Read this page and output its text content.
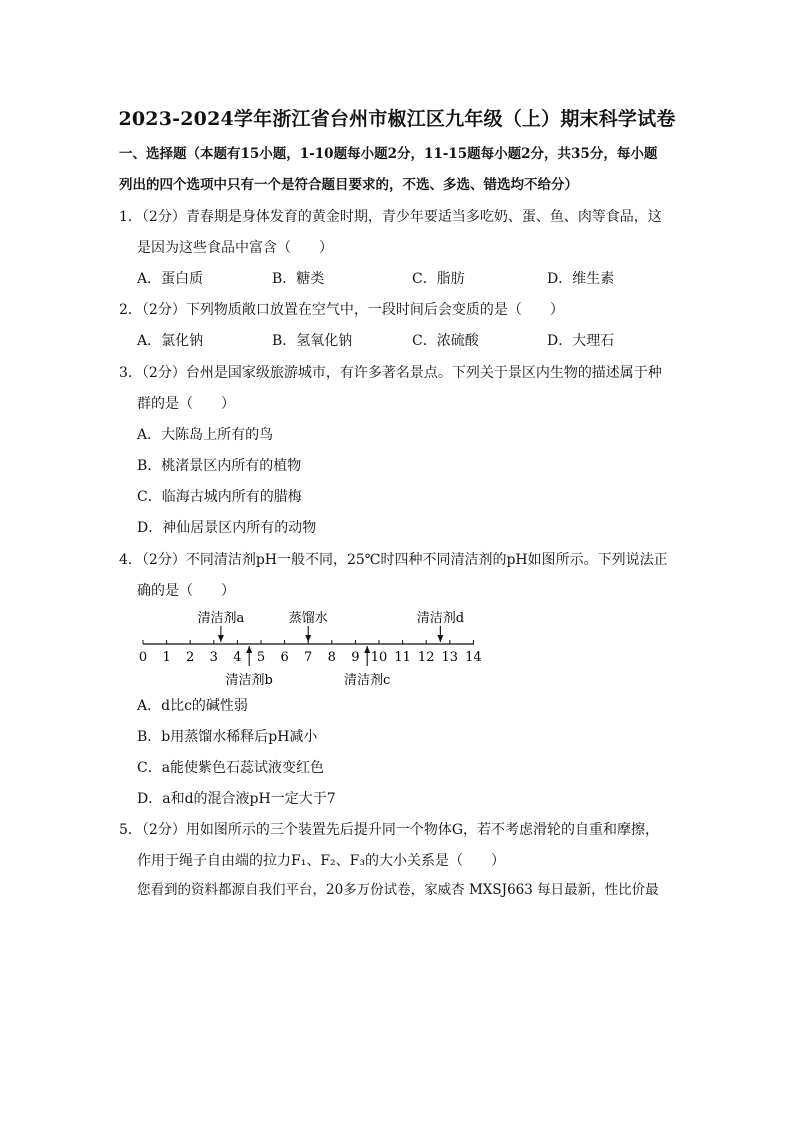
2023-2024学年浙江省台州市椒江区九年级（上）期末科学试卷
一、选择题（本题有15小题，1-10题每小题2分，11-15题每小题2分，共35分，每小题
列出的四个选项中只有一个是符合题目要求的，不选、多选、错选均不给分）
1．（2分）青春期是身体发育的黄金时期，青少年要适当多吃奶、蛋、鱼、肉等食品，这
是因为这些食品中富含（　　）
A．蛋白质	B．糖类	C．脂肪	D．维生素
2．（2分）下列物质敞口放置在空气中，一段时间后会变质的是（　　）
A．氯化钠	B．氢氧化钠	C．浓硫酸	D．大理石
3．（2分）台州是国家级旅游城市，有许多著名景点。下列关于景区内生物的描述属于种
群的是（　　）
A．大陈岛上所有的鸟
B．桃渚景区内所有的植物
C．临海古城内所有的腊梅
D．神仙居景区内所有的动物
4．（2分）不同清洁剂pH一般不同，25℃时四种不同清洁剂的pH如图所示。下列说法正
确的是（　　）
0 1 2 3 4 5 6 7 8 9 10 11 12 13 14
清洁剂a	蒸馏水	清洁剂d
清洁剂b	清洁剂c
A．d比c的碱性弱
B．b用蒸馏水稀释后pH减小
C．a能使紫色石蕊试液变红色
D．a和d的混合液pH一定大于7
5．（2分）用如图所示的三个装置先后提升同一个物体G，若不考虑滑轮的自重和摩擦，
作用于绳子自由端的拉力F₁、F₂、F₃的大小关系是（　　）
您看到的资料都源自我们平台，20多万份试卷，家威杏 MXSJ663 每日最新，性比价最
